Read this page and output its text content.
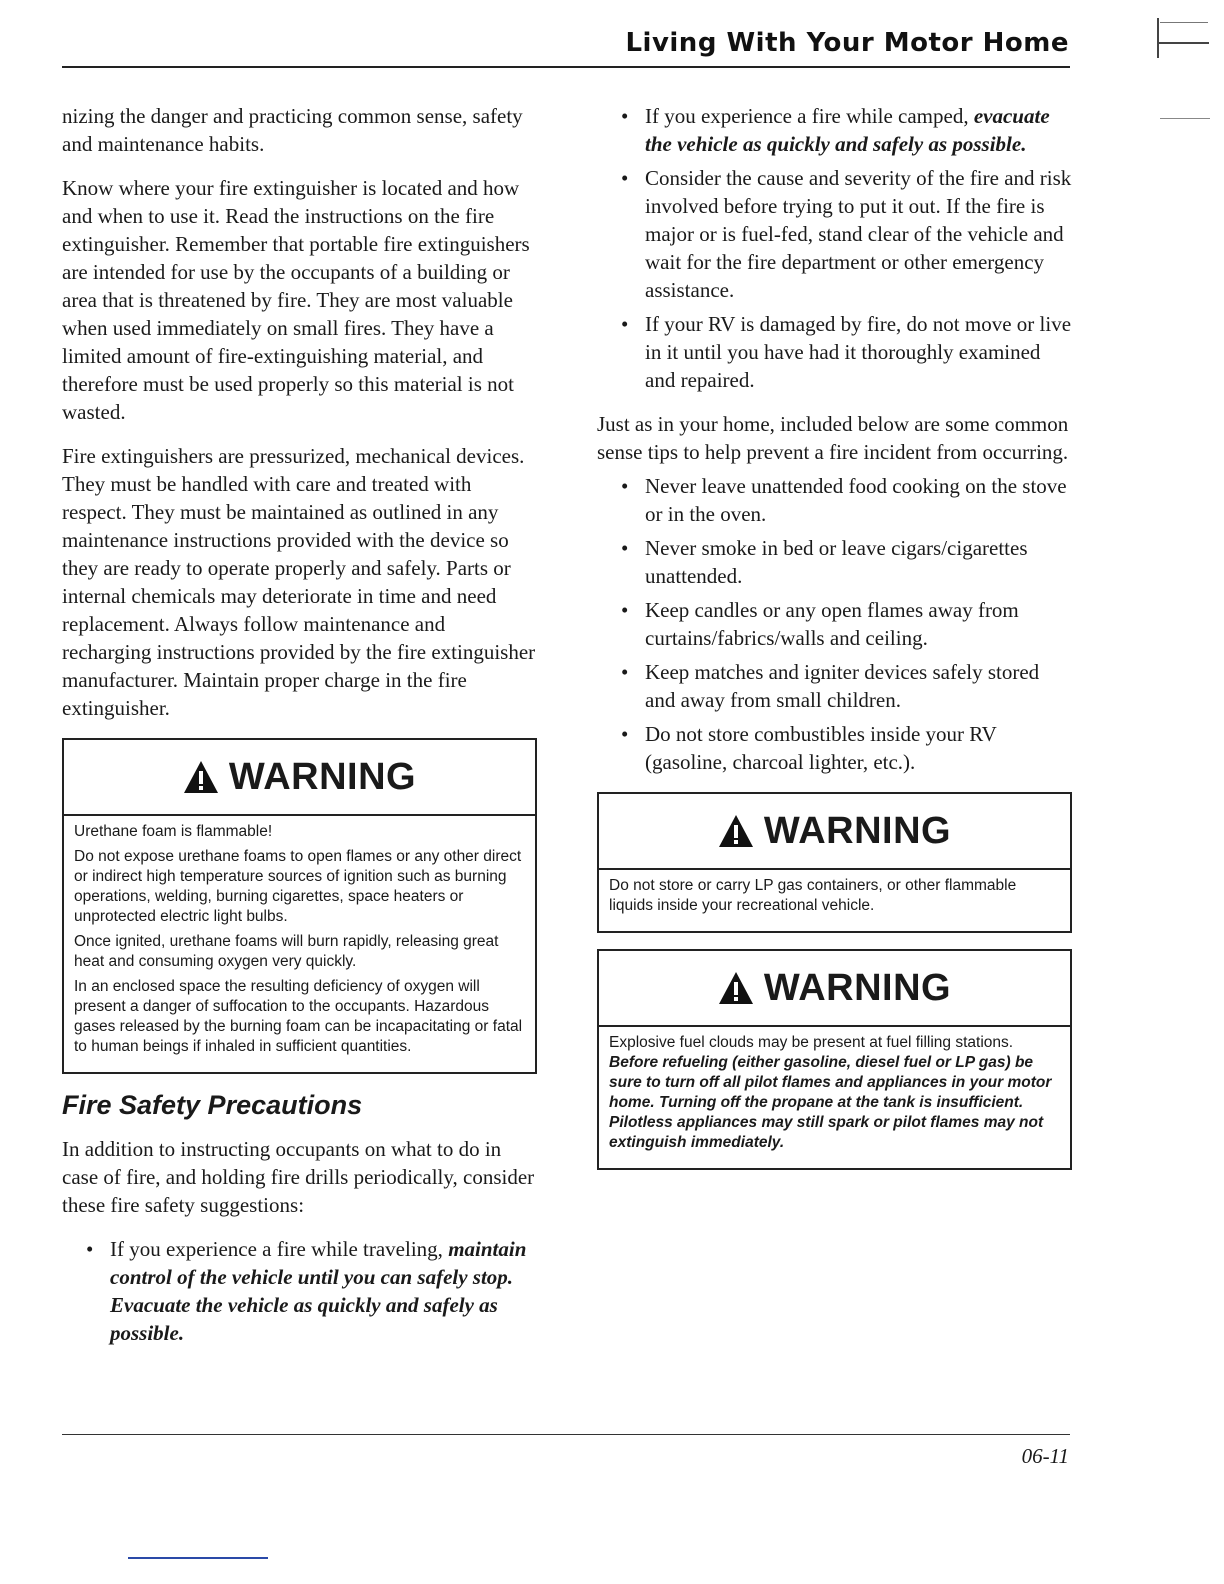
Living With Your Motor Home

nizing the danger and practicing common sense, safety and maintenance habits.

Know where your fire extinguisher is located and how and when to use it. Read the instructions on the fire extinguisher. Remember that portable fire extinguishers are intended for use by the occupants of a building or area that is threatened by fire. They are most valuable when used immediately on small fires. They have a limited amount of fire-extinguishing material, and therefore must be used properly so this material is not wasted.

Fire extinguishers are pressurized, mechanical devices. They must be handled with care and treated with respect. They must be maintained as outlined in any maintenance instructions provided with the device so they are ready to operate properly and safely. Parts or internal chemicals may deteriorate in time and need replacement. Always follow maintenance and recharging instructions provided by the fire extinguisher manufacturer. Maintain proper charge in the fire extinguisher.

WARNING

Urethane foam is flammable!

Do not expose urethane foams to open flames or any other direct or indirect high temperature sources of ignition such as burning operations, welding, burning cigarettes, space heaters or unprotected electric light bulbs.

Once ignited, urethane foams will burn rapidly, releasing great heat and consuming oxygen very quickly.

In an enclosed space the resulting deficiency of oxygen will present a danger of suffocation to the occupants. Hazardous gases released by the burning foam can be incapacitating or fatal to human beings if inhaled in sufficient quantities.

Fire Safety Precautions

In addition to instructing occupants on what to do in case of fire, and holding fire drills periodically, consider these fire safety suggestions:

• If you experience a fire while traveling, maintain control of the vehicle until you can safely stop. Evacuate the vehicle as quickly and safely as possible.
• If you experience a fire while camped, evacuate the vehicle as quickly and safely as possible.
• Consider the cause and severity of the fire and risk involved before trying to put it out. If the fire is major or is fuel-fed, stand clear of the vehicle and wait for the fire department or other emergency assistance.
• If your RV is damaged by fire, do not move or live in it until you have had it thoroughly examined and repaired.

Just as in your home, included below are some common sense tips to help prevent a fire incident from occurring.

• Never leave unattended food cooking on the stove or in the oven.
• Never smoke in bed or leave cigars/cigarettes unattended.
• Keep candles or any open flames away from curtains/fabrics/walls and ceiling.
• Keep matches and igniter devices safely stored and away from small children.
• Do not store combustibles inside your RV (gasoline, charcoal lighter, etc.).
WARNING

Do not store or carry LP gas containers, or other flammable liquids inside your recreational vehicle.

WARNING

Explosive fuel clouds may be present at fuel filling stations. Before refueling (either gasoline, diesel fuel or LP gas) be sure to turn off all pilot flames and appliances in your motor home. Turning off the propane at the tank is insufficient. Pilotless appliances may still spark or pilot flames may not extinguish immediately.

06-11
